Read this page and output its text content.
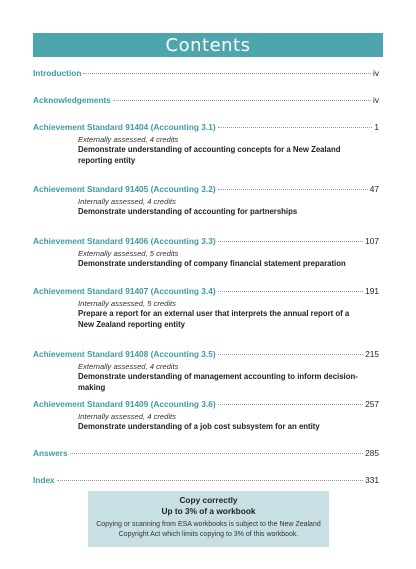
Contents
Introduction	iv
Acknowledgements	iv
Achievement Standard 91404 (Accounting 3.1)	1
Externally assessed, 4 credits
Demonstrate understanding of accounting concepts for a New Zealand reporting entity
Achievement Standard 91405 (Accounting 3.2)	47
Internally assessed, 4 credits
Demonstrate understanding of accounting for partnerships
Achievement Standard 91406 (Accounting 3.3)	107
Externally assessed, 5 credits
Demonstrate understanding of company financial statement preparation
Achievement Standard 91407 (Accounting 3.4)	191
Internally assessed, 5 credits
Prepare a report for an external user that interprets the annual report of a New Zealand reporting entity
Achievement Standard 91408 (Accounting 3.5)	215
Externally assessed, 4 credits
Demonstrate understanding of management accounting to inform decision-making
Achievement Standard 91409 (Accounting 3.6)	257
Internally assessed, 4 credits
Demonstrate understanding of a job cost subsystem for an entity
Answers	285
Index	331
Copy correctly
Up to 3% of a workbook
Copying or scanning from ESA workbooks is subject to the New Zealand Copyright Act which limits copying to 3% of this workbook.
